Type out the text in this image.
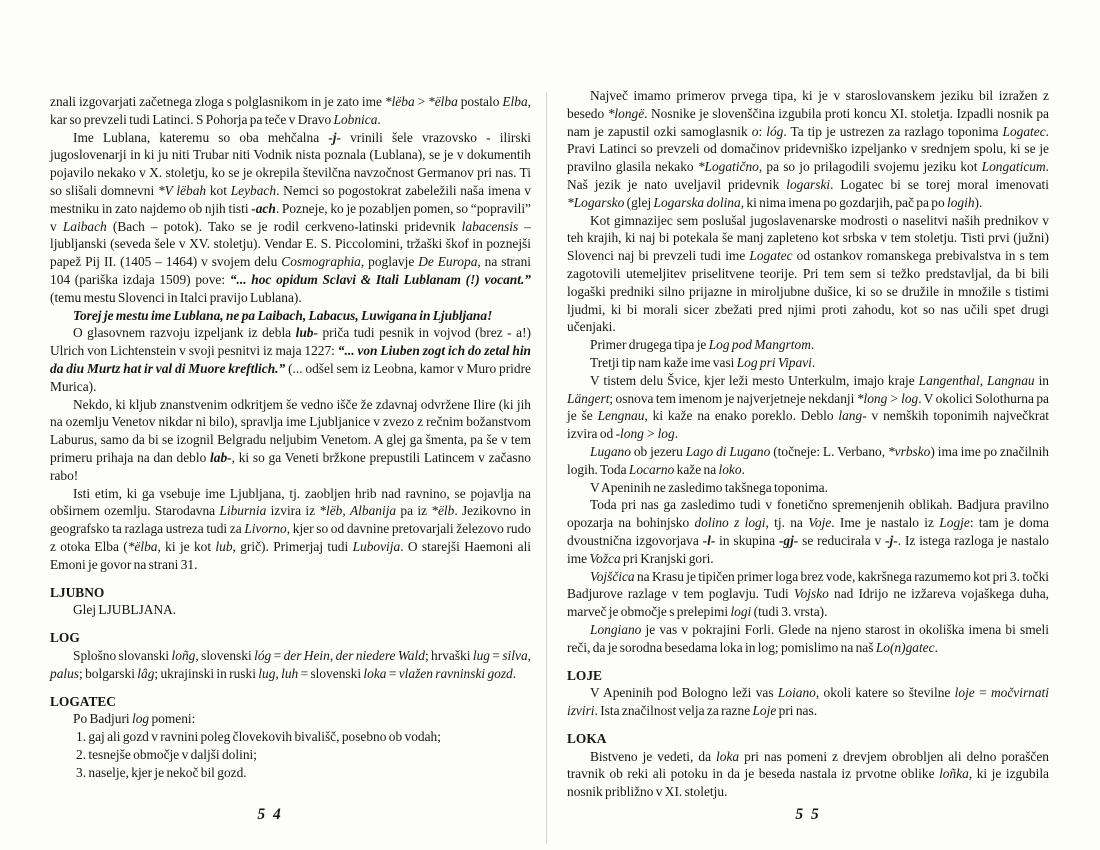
znali izgovarjati začetnega zloga s polglasnikom in je zato ime *lëba > *ëlba postalo Elba, kar so prevzeli tudi Latinci. S Pohorja pa teče v Dravo Lobnica.

Ime Lublana, kateremu so oba mehčalna -j- vrinili šele vrazovsko - ilirski jugoslovenarji in ki ju niti Trubar niti Vodnik nista poznala (Lublana), se je v dokumentih pojavilo nekako v X. stoletju, ko se je okrepila številčna navzočnost Germanov pri nas. Ti so slišali domnevni *V lëbah kot Leybach. Nemci so pogostokrat zabeležili naša imena v mestniku in zato najdemo ob njih tisti -ach. Pozneje, ko je pozabljen pomen, so “popravili” v Laibach (Bach – potok). Tako se je rodil cerkveno-latinski pridevnik labacensis – ljubljanski (seveda šele v XV. stoletju). Vendar E. S. Piccolomini, tržaški škof in poznejši papež Pij II. (1405 – 1464) v svojem delu Cosmographia, poglavje De Europa, na strani 104 (pariška izdaja 1509) pove: “... hoc opidum Sclavi & Itali Lublanam (!) vocant.” (temu mestu Slovenci in Italci pravijo Lublana).

Torej je mestu ime Lublana, ne pa Laibach, Labacus, Luwigana in Ljubljana!

O glasovnem razvoju izpeljank iz debla lub- priča tudi pesnik in vojvod (brez - a!) Ulrich von Lichtenstein v svoji pesnitvi iz maja 1227: “... von Liuben zogt ich do zetal hin da diu Murtz hat ir val di Muore kreftlich.” (... odšel sem iz Leobna, kamor v Muro pridre Murica).

Nekdo, ki kljub znanstvenim odkritjem še vedno išče že zdavnaj odvržene Ilire (ki jih na ozemlju Venetov nikdar ni bilo), spravlja ime Ljubljanice v zvezo z rečnim božanstvom Laburus, samo da bi se izognil Belgradu neljubim Venetom. A glej ga šmenta, pa še v tem primeru prihaja na dan deblo lab-, ki so ga Veneti bržkone prepustili Latincem v začasno rabo!

Isti etim, ki ga vsebuje ime Ljubljana, tj. zaobljen hrib nad ravnino, se pojavlja na obširnem ozemlju. Starodavna Liburnia izvira iz *lëb, Albanija pa iz *ëlb. Jezikovno in geografsko ta razlaga ustreza tudi za Livorno, kjer so od davnine pretovarjali železovo rudo z otoka Elba (*ëlba, ki je kot lub, grič). Primerjaj tudi Lubovija. O starejši Haemoni ali Emoni je govor na strani 31.

LJUBNO

Glej LJUBLJANA.

LOG

Splošno slovanski loñg, slovenski lóg = der Hein, der niedere Wald; hrvaški lug = silva, palus; bolgarski lâg; ukrajinski in ruski lug, luh = slovenski loka = vlažen ravninski gozd.

LOGATEC

Po Badjuri log pomeni:

1. gaj ali gozd v ravnini poleg človekovih bivališč, posebno ob vodah;
2. tesnejše območje v daljši dolini;
3. naselje, kjer je nekoč bil gozd.

Največ imamo primerov prvega tipa, ki je v staroslovanskem jeziku bil izražen z besedo *longë. Nosnike je slovenščina izgubila proti koncu XI. stoletja. Izpadli nosnik pa nam je zapustil ozki samoglasnik o: lóg. Ta tip je ustrezen za razlago toponima Logatec. Pravi Latinci so prevzeli od domačinov pridevniško izpeljanko v srednjem spolu, ki se je pravilno glasila nekako *Logatično, pa so jo prilagodili svojemu jeziku kot Longaticum. Naš jezik je nato uveljavil pridevnik logarski. Logatec bi se torej moral imenovati *Logarsko (glej Logarska dolina, ki nima imena po gozdarjih, pač pa po logih).

Kot gimnazijec sem poslušal jugoslavenarske modrosti o naselitvi naših prednikov v teh krajih, ki naj bi potekala še manj zapleteno kot srbska v tem stoletju. Tisti prvi (južni) Slovenci naj bi prevzeli tudi ime Logatec od ostankov romanskega prebivalstva in s tem zagotovili utemeljitev priselitvene teorije. Pri tem sem si težko predstavljal, da bi bili logaški predniki silno prijazne in miroljubne dušice, ki so se družile in množile s tistimi ljudmi, ki bi morali sicer zbežati pred njimi proti zahodu, kot so nas učili spet drugi učenjaki.

Primer drugega tipa je Log pod Mangrtom.

Tretji tip nam kaže ime vasi Log pri Vipavi.

V tistem delu Švice, kjer leži mesto Unterkulm, imajo kraje Langenthal, Langnau in Längert; osnova tem imenom je najverjetneje nekdanji *long > log. V okolici Solothurna pa je še Lengnau, ki kaže na enako poreklo. Deblo lang- v nemških toponimih največkrat izvira od -long > log.

Lugano ob jezeru Lago di Lugano (točneje: L. Verbano, *vrbsko) ima ime po značilnih logih. Toda Locarno kaže na loko.

V Apeninih ne zasledimo takšnega toponima.

Toda pri nas ga zasledimo tudi v fonetično spremenjenih oblikah. Badjura pravilno opozarja na bohinjsko dolino z logi, tj. na Voje. Ime je nastalo iz Logje: tam je doma dvoustnična izgovorjava -l- in skupina -gj- se reducirala v -j-. Iz istega razloga je nastalo ime Vožca pri Kranjski gori.

Vojščica na Krasu je tipičen primer loga brez vode, kakršnega razumemo kot pri 3. točki Badjurove razlage v tem poglavju. Tudi Vojsko nad Idrijo ne izžareva vojaškega duha, marveč je območje s prelepimi logi (tudi 3. vrsta).

Longiano je vas v pokrajini Forli. Glede na njeno starost in okoliška imena bi smeli reči, da je sorodna besedama loka in log; pomislimo na naš Lo(n)gatec.

LOJE

V Apeninih pod Bologno leži vas Loiano, okoli katere so številne loje = močvirnati izviri. Ista značilnost velja za razne Loje pri nas.

LOKA

Bistveno je vedeti, da loka pri nas pomeni z drevjem obrobljen ali delno poraščen travnik ob reki ali potoku in da je beseda nastala iz prvotne oblike loñka, ki je izgubila nosnik približno v XI. stoletju.

5 4	5 5
